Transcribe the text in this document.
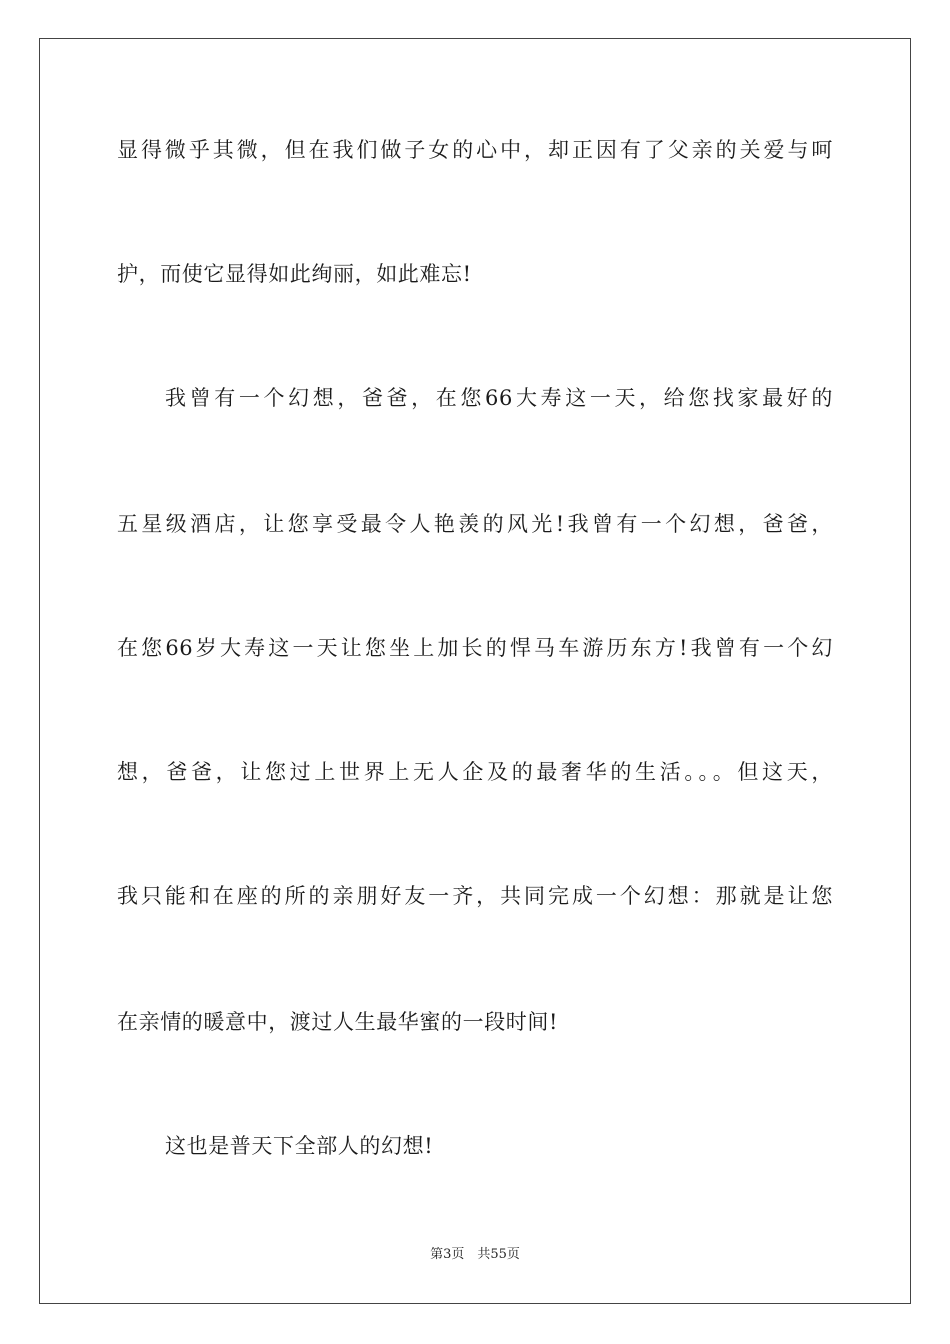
显得微乎其微，但在我们做子女的心中，却正因有了父亲的关爱与呵
护，而使它显得如此绚丽，如此难忘!
我曾有一个幻想，爸爸，在您66大寿这一天，给您找家最好的
五星级酒店，让您享受最令人艳羡的风光!我曾有一个幻想，爸爸，
在您66岁大寿这一天让您坐上加长的悍马车游历东方!我曾有一个幻
想，爸爸，让您过上世界上无人企及的最奢华的生活。。。但这天，
我只能和在座的所的亲朋好友一齐，共同完成一个幻想：那就是让您
在亲情的暖意中，渡过人生最华蜜的一段时间!
这也是普天下全部人的幻想!
第3页　共55页
